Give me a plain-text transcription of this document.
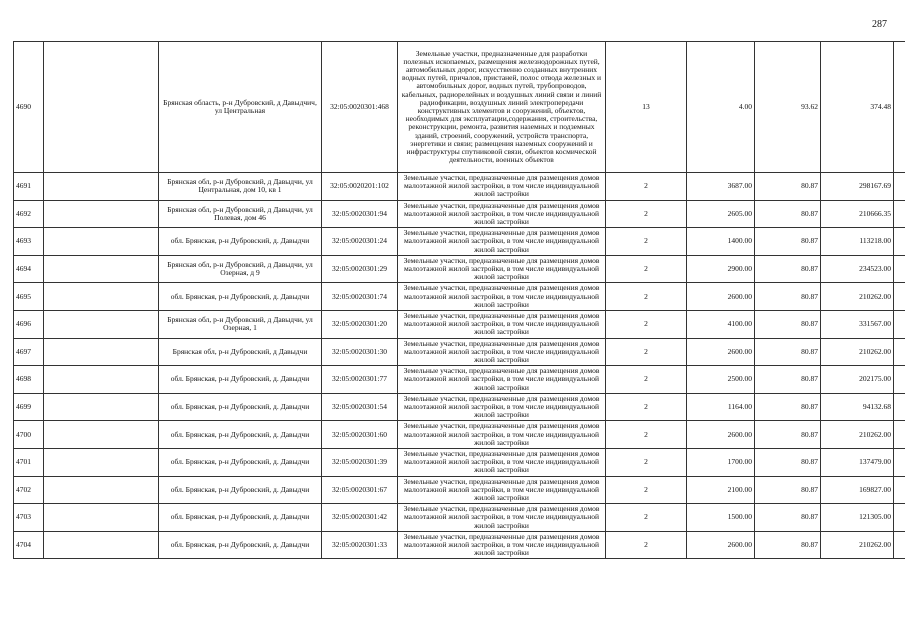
287
4690		Брянская область, р-н Дубровский, д Давыдчич, ул Центральная	32:05:0020301:468	Земельные участки, предназначенные для разработки полезных ископаемых, размещения железнодорожных путей, автомобильных дорог, искусственно созданных внутренних водных путей, причалов, пристаней, полос отвода железных и автомобильных дорог, водных путей, трубопроводов, кабельных, радиорелейных и воздушных линий связи и линий радиофикации, воздушных линий электропередачи конструктивных элементов и сооружений, объектов, необходимых для эксплуатации,содержания, строительства, реконструкции, ремонта, развития наземных и подземных зданий, строений, сооружений, устройств транспорта, энергетики и связи; размещения наземных сооружений и инфраструктуры спутниковой связи, объектов космической деятельности, военных объектов	13	4.00	93.62	374.48	
4691		Брянская обл, р-н Дубровский, д Давыдчи, ул Центральная, дом 10, кв 1	32:05:0020201:102	Земельные участки, предназначенные для размещения домов малоэтажной жилой застройки, в том числе индивидуальной жилой застройки	2	3687.00	80.87	298167.69	
4692		Брянская обл, р-н Дубровский, д Давыдчи, ул Полевая, дом 46	32:05:0020301:94	Земельные участки, предназначенные для размещения домов малоэтажной жилой застройки, в том числе индивидуальной жилой застройки	2	2605.00	80.87	210666.35	
4693		обл. Брянская, р-н Дубровский, д. Давыдчи	32:05:0020301:24	Земельные участки, предназначенные для размещения домов малоэтажной жилой застройки, в том числе индивидуальной жилой застройки	2	1400.00	80.87	113218.00	
4694		Брянская обл, р-н Дубровский, д Давыдчи, ул Озерная, д 9	32:05:0020301:29	Земельные участки, предназначенные для размещения домов малоэтажной жилой застройки, в том числе индивидуальной жилой застройки	2	2900.00	80.87	234523.00	
4695		обл. Брянская, р-н Дубровский, д. Давыдчи	32:05:0020301:74	Земельные участки, предназначенные для размещения домов малоэтажной жилой застройки, в том числе индивидуальной жилой застройки	2	2600.00	80.87	210262.00	
4696		Брянская обл, р-н Дубровский, д Давыдчи, ул Озерная, 1	32:05:0020301:20	Земельные участки, предназначенные для размещения домов малоэтажной жилой застройки, в том числе индивидуальной жилой застройки	2	4100.00	80.87	331567.00	
4697		Брянская обл, р-н Дубровский, д Давыдчи	32:05:0020301:30	Земельные участки, предназначенные для размещения домов малоэтажной жилой застройки, в том числе индивидуальной жилой застройки	2	2600.00	80.87	210262.00	
4698		обл. Брянская, р-н Дубровский, д. Давыдчи	32:05:0020301:77	Земельные участки, предназначенные для размещения домов малоэтажной жилой застройки, в том числе индивидуальной жилой застройки	2	2500.00	80.87	202175.00	
4699		обл. Брянская, р-н Дубровский, д. Давыдчи	32:05:0020301:54	Земельные участки, предназначенные для размещения домов малоэтажной жилой застройки, в том числе индивидуальной жилой застройки	2	1164.00	80.87	94132.68	
4700		обл. Брянская, р-н Дубровский, д. Давыдчи	32:05:0020301:60	Земельные участки, предназначенные для размещения домов малоэтажной жилой застройки, в том числе индивидуальной жилой застройки	2	2600.00	80.87	210262.00	
4701		обл. Брянская, р-н Дубровский, д. Давыдчи	32:05:0020301:39	Земельные участки, предназначенные для размещения домов малоэтажной жилой застройки, в том числе индивидуальной жилой застройки	2	1700.00	80.87	137479.00	
4702		обл. Брянская, р-н Дубровский, д. Давыдчи	32:05:0020301:67	Земельные участки, предназначенные для размещения домов малоэтажной жилой застройки, в том числе индивидуальной жилой застройки	2	2100.00	80.87	169827.00	
4703		обл. Брянская, р-н Дубровский, д. Давыдчи	32:05:0020301:42	Земельные участки, предназначенные для размещения домов малоэтажной жилой застройки, в том числе индивидуальной жилой застройки	2	1500.00	80.87	121305.00	
4704		обл. Брянская, р-н Дубровский, д. Давыдчи	32:05:0020301:33	Земельные участки, предназначенные для размещения домов малоэтажной жилой застройки, в том числе индивидуальной жилой застройки	2	2600.00	80.87	210262.00	
